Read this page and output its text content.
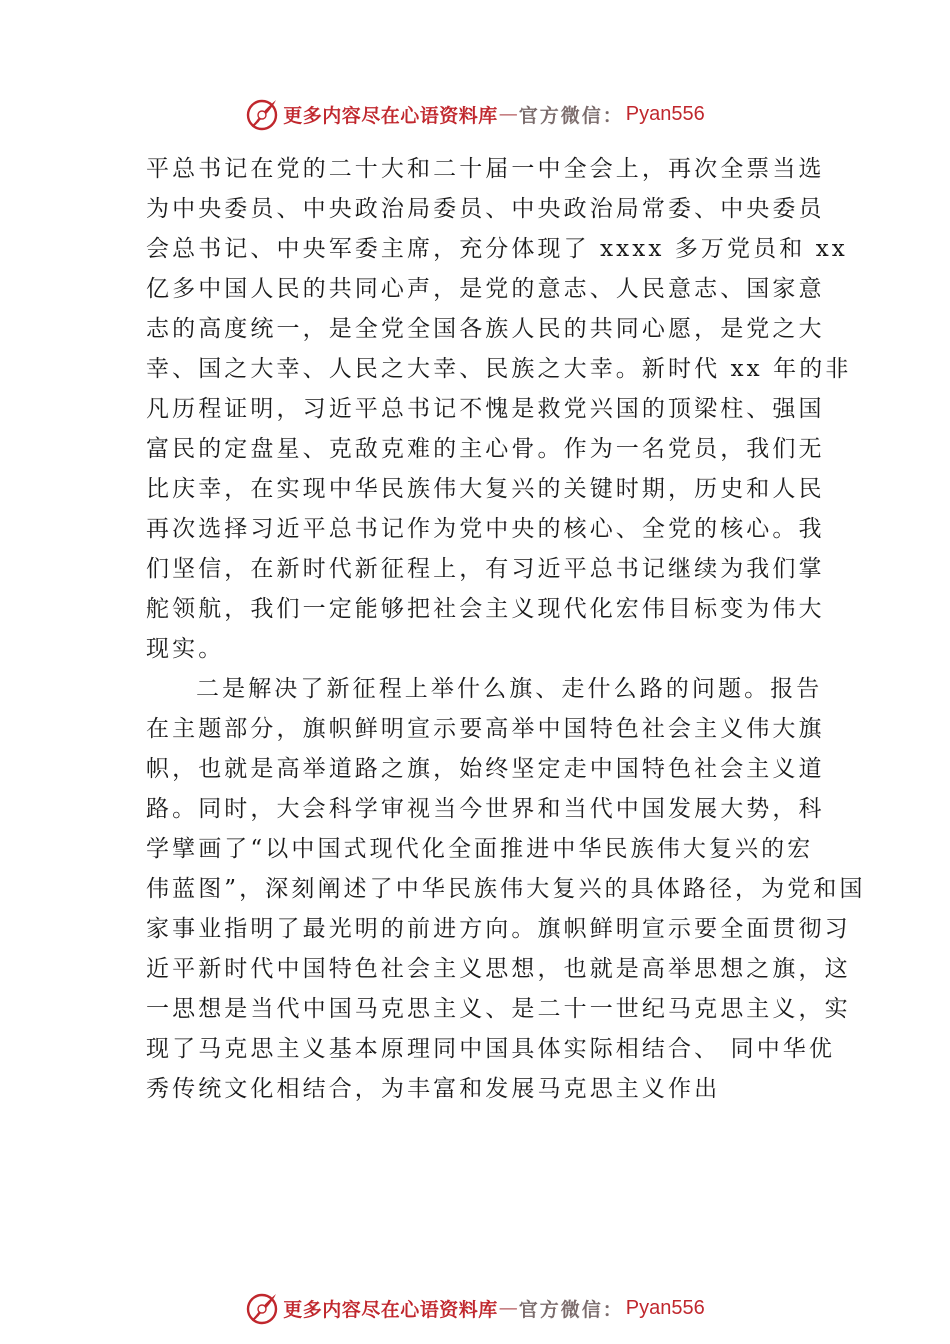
更多内容尽在心语资料库 — 官方微信： Pyan556
平总书记在党的二十大和二十届一中全会上，再次全票当选
为中央委员、中央政治局委员、中央政治局常委、中央委员
会总书记、中央军委主席，充分体现了 xxxx 多万党员和 xx
亿多中国人民的共同心声，是党的意志、人民意志、国家意
志的高度统一，是全党全国各族人民的共同心愿，是党之大
幸、国之大幸、人民之大幸、民族之大幸。新时代 xx 年的非
凡历程证明，习近平总书记不愧是救党兴国的顶梁柱、强国
富民的定盘星、克敌克难的主心骨。作为一名党员，我们无
比庆幸，在实现中华民族伟大复兴的关键时期，历史和人民
再次选择习近平总书记作为党中央的核心、全党的核心。我
们坚信，在新时代新征程上，有习近平总书记继续为我们掌
舵领航，我们一定能够把社会主义现代化宏伟目标变为伟大
现实。
二是解决了新征程上举什么旗、走什么路的问题。报告
在主题部分，旗帜鲜明宣示要高举中国特色社会主义伟大旗
帜，也就是高举道路之旗，始终坚定走中国特色社会主义道
路。同时，大会科学审视当今世界和当代中国发展大势，科
学擘画了“以中国式现代化全面推进中华民族伟大复兴的宏
伟蓝图”，深刻阐述了中华民族伟大复兴的具体路径，为党和国
家事业指明了最光明的前进方向。旗帜鲜明宣示要全面贯彻习
近平新时代中国特色社会主义思想，也就是高举思想之旗，这
一思想是当代中国马克思主义、是二十一世纪马克思主义，实
现了马克思主义基本原理同中国具体实际相结合、 同中华优
秀传统文化相结合，为丰富和发展马克思主义作出
更多内容尽在心语资料库 — 官方微信： Pyan556
